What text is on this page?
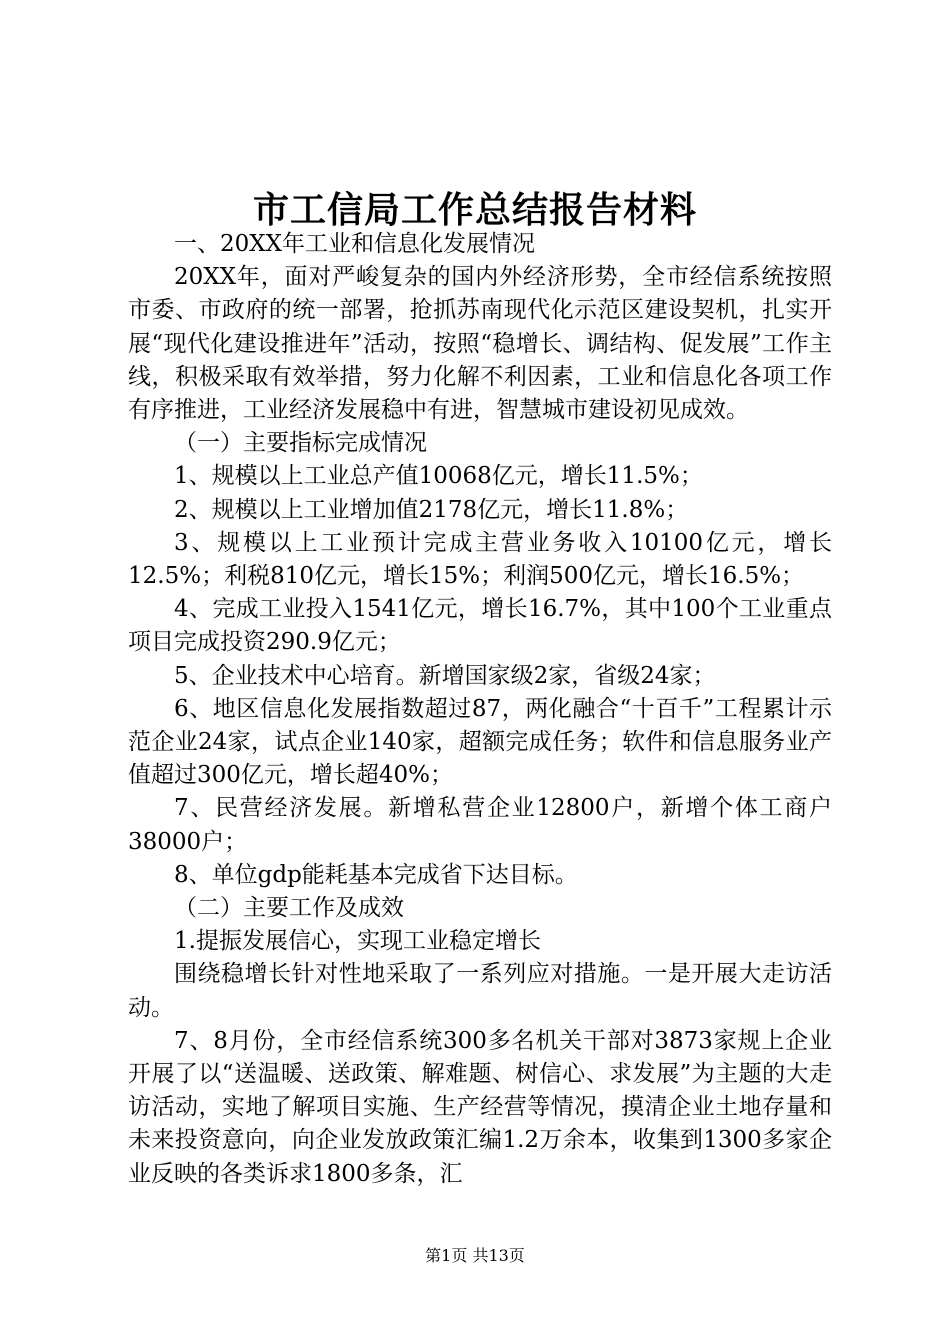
市工信局工作总结报告材料

一、20XX年工业和信息化发展情况

20XX年，面对严峻复杂的国内外经济形势，全市经信系统按照市委、市政府的统一部署，抢抓苏南现代化示范区建设契机，扎实开展“现代化建设推进年”活动，按照“稳增长、调结构、促发展”工作主线，积极采取有效举措，努力化解不利因素，工业和信息化各项工作有序推进，工业经济发展稳中有进，智慧城市建设初见成效。

（一）主要指标完成情况

1、规模以上工业总产值10068亿元，增长11.5%；

2、规模以上工业增加值2178亿元，增长11.8%；

3、规模以上工业预计完成主营业务收入10100亿元，增长12.5%；利税810亿元，增长15%；利润500亿元，增长16.5%；

4、完成工业投入1541亿元，增长16.7%，其中100个工业重点项目完成投资290.9亿元；

5、企业技术中心培育。新增国家级2家，省级24家；

6、地区信息化发展指数超过87，两化融合“十百千”工程累计示范企业24家，试点企业140家，超额完成任务；软件和信息服务业产值超过300亿元，增长超40%；

7、民营经济发展。新增私营企业12800户，新增个体工商户38000户；

8、单位gdp能耗基本完成省下达目标。

（二）主要工作及成效

1.提振发展信心，实现工业稳定增长

围绕稳增长针对性地采取了一系列应对措施。一是开展大走访活动。

7、8月份，全市经信系统300多名机关干部对3873家规上企业开展了以“送温暖、送政策、解难题、树信心、求发展”为主题的大走访活动，实地了解项目实施、生产经营等情况，摸清企业土地存量和未来投资意向，向企业发放政策汇编1.2万余本，收集到1300多家企业反映的各类诉求1800多条，汇

第1页 共13页
